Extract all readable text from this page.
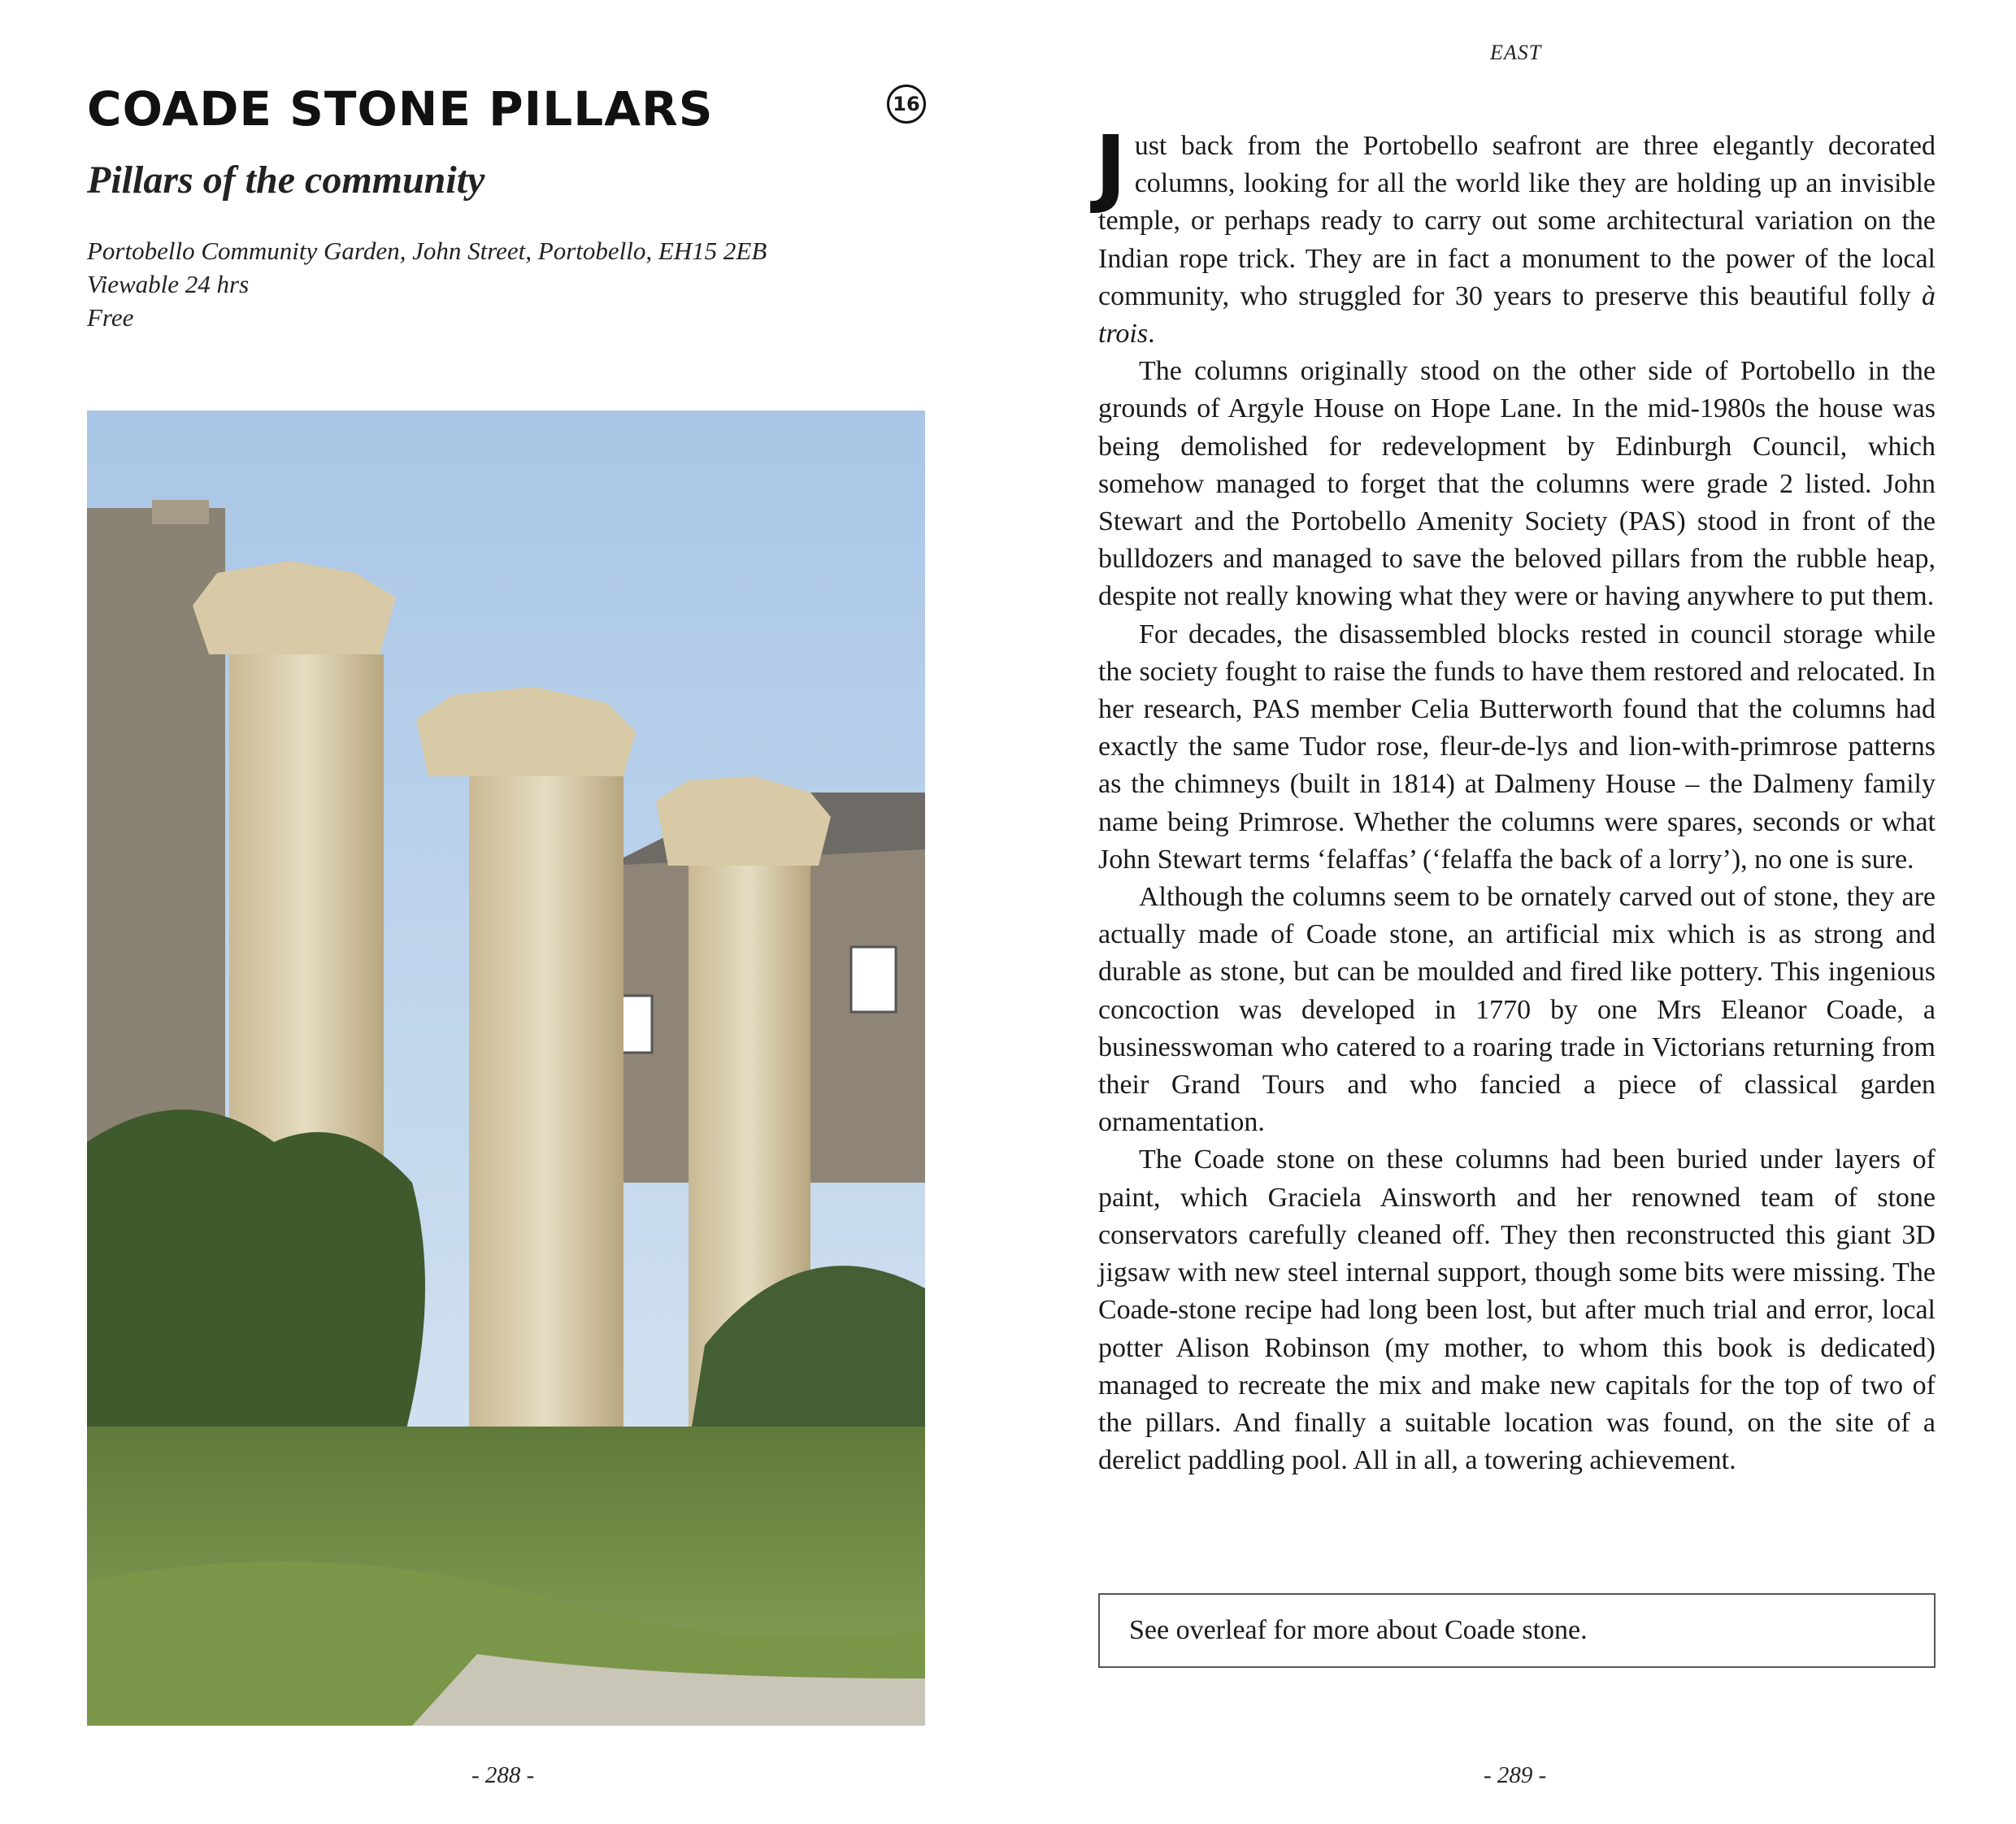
COADE STONE PILLARS	16
Pillars of the community
Portobello Community Garden, John Street, Portobello, EH15 2EB
Viewable 24 hrs
Free
- 288 -
EAST

Just back from the Portobello seafront are three elegantly decorated columns, looking for all the world like they are holding up an invisible temple, or perhaps ready to carry out some architectural variation on the Indian rope trick. They are in fact a monument to the power of the local community, who struggled for 30 years to preserve this beautiful folly à trois.

The columns originally stood on the other side of Portobello in the grounds of Argyle House on Hope Lane. In the mid-1980s the house was being demolished for redevelopment by Edinburgh Council, which somehow managed to forget that the columns were grade 2 listed. John Stewart and the Portobello Amenity Society (PAS) stood in front of the bulldozers and managed to save the beloved pillars from the rubble heap, despite not really knowing what they were or having anywhere to put them.

For decades, the disassembled blocks rested in council storage while the society fought to raise the funds to have them restored and relocated. In her research, PAS member Celia Butterworth found that the columns had exactly the same Tudor rose, fleur-de-lys and lion-with-primrose patterns as the chimneys (built in 1814) at Dalmeny House – the Dalmeny family name being Primrose. Whether the columns were spares, seconds or what John Stewart terms ‘felaffas’ (‘felaffa the back of a lorry’), no one is sure.

Although the columns seem to be ornately carved out of stone, they are actually made of Coade stone, an artificial mix which is as strong and durable as stone, but can be moulded and fired like pottery. This ingenious concoction was developed in 1770 by one Mrs Eleanor Coade, a businesswoman who catered to a roaring trade in Victorians returning from their Grand Tours and who fancied a piece of classical garden ornamentation.

The Coade stone on these columns had been buried under layers of paint, which Graciela Ainsworth and her renowned team of stone conservators carefully cleaned off. They then reconstructed this giant 3D jigsaw with new steel internal support, though some bits were missing. The Coade-stone recipe had long been lost, but after much trial and error, local potter Alison Robinson (my mother, to whom this book is dedicated) managed to recreate the mix and make new capitals for the top of two of the pillars. And finally a suitable location was found, on the site of a derelict paddling pool. All in all, a towering achievement.

See overleaf for more about Coade stone.
- 289 -
